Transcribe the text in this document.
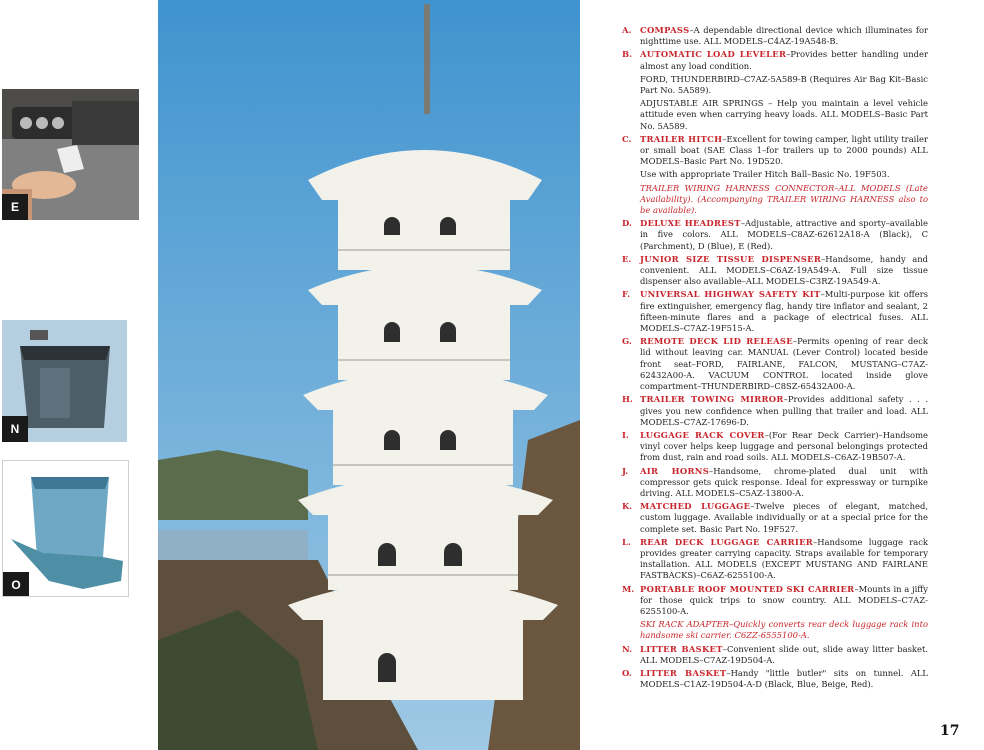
E
N
O
A. COMPASS–A dependable directional device which illuminates for nighttime use. ALL MODELS–C4AZ-19A548-B.
B. AUTOMATIC LOAD LEVELER–Provides better handling under almost any load condition.
FORD, THUNDERBIRD–C7AZ-5A589-B (Requires Air Bag Kit–Basic Part No. 5A589).
ADJUSTABLE AIR SPRINGS – Help you maintain a level vehicle attitude even when carrying heavy loads. ALL MODELS–Basic Part No. 5A589.
C. TRAILER HITCH–Excellent for towing camper, light utility trailer or small boat (SAE Class 1–for trailers up to 2000 pounds) ALL MODELS–Basic Part No. 19D520.
Use with appropriate Trailer Hitch Ball–Basic No. 19F503.
TRAILER WIRING HARNESS CONNECTOR–ALL MODELS (Late Availability). (Accompanying TRAILER WIRING HARNESS also to be available).
D. DELUXE HEADREST–Adjustable, attractive and sporty–available in five colors. ALL MODELS–C8AZ-62612A18-A (Black), C (Parchment), D (Blue), E (Red).
E. JUNIOR SIZE TISSUE DISPENSER–Handsome, handy and convenient. ALL MODELS–C6AZ-19A549-A. Full size tissue dispenser also available–ALL MODELS–C3RZ-19A549-A.
F. UNIVERSAL HIGHWAY SAFETY KIT–Multi-purpose kit offers fire extinguisher, emergency flag, handy tire inflator and sealant, 2 fifteen-minute flares and a package of electrical fuses. ALL MODELS–C7AZ-19F515-A.
G. REMOTE DECK LID RELEASE–Permits opening of rear deck lid without leaving car. MANUAL (Lever Control) located beside front seat–FORD, FAIRLANE, FALCON, MUSTANG–C7AZ-62432A00-A. VACUUM CONTROL located inside glove compartment–THUNDERBIRD–C8SZ-65432A00-A.
H. TRAILER TOWING MIRROR–Provides additional safety . . . gives you new confidence when pulling that trailer and load. ALL MODELS–C7AZ-17696-D.
I. LUGGAGE RACK COVER–(For Rear Deck Carrier)–Handsome vinyl cover helps keep luggage and personal belongings protected from dust, rain and road soils. ALL MODELS–C6AZ-19B507-A.
J. AIR HORNS–Handsome, chrome-plated dual unit with compressor gets quick response. Ideal for expressway or turnpike driving. ALL MODELS–C5AZ-13800-A.
K. MATCHED LUGGAGE–Twelve pieces of elegant, matched, custom luggage. Available individually or at a special price for the complete set. Basic Part No. 19F527.
L. REAR DECK LUGGAGE CARRIER–Handsome luggage rack provides greater carrying capacity. Straps available for temporary installation. ALL MODELS (EXCEPT MUSTANG AND FAIRLANE FASTBACKS)–C6AZ-6255100-A.
M. PORTABLE ROOF MOUNTED SKI CARRIER–Mounts in a jiffy for those quick trips to snow country. ALL MODELS–C7AZ-6255100-A.
SKI RACK ADAPTER–Quickly converts rear deck luggage rack into handsome ski carrier. C6ZZ-6555100-A.
N. LITTER BASKET–Convenient slide out, slide away litter basket. ALL MODELS–C7AZ-19D504-A.
O. LITTER BASKET–Handy "little butler" sits on tunnel. ALL MODELS–C1AZ-19D504-A-D (Black, Blue, Beige, Red).
17
